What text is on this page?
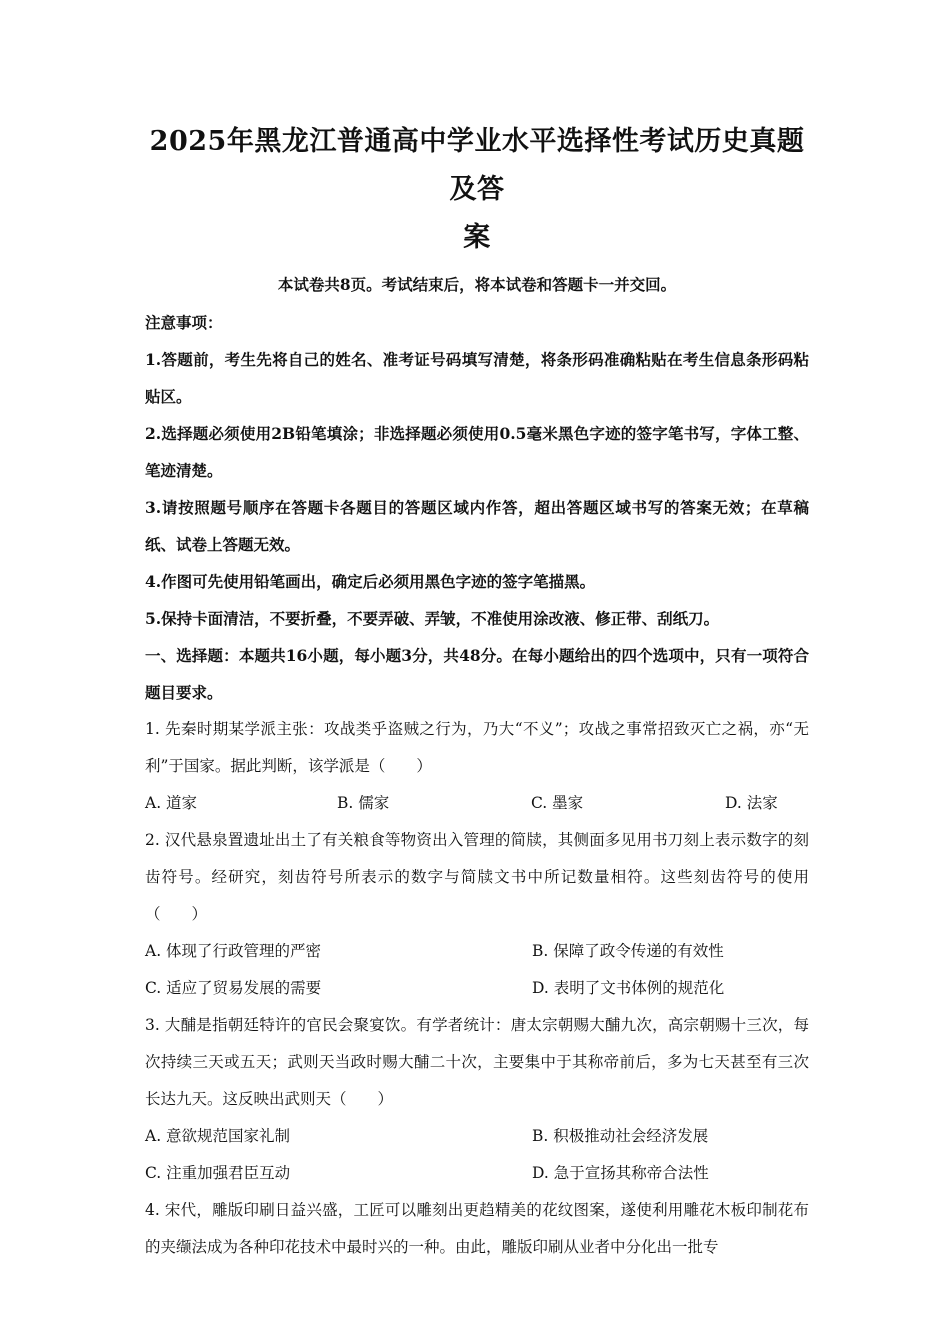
2025年黑龙江普通高中学业水平选择性考试历史真题及答
案
本试卷共8页。考试结束后，将本试卷和答题卡一并交回。

注意事项：

1.答题前，考生先将自己的姓名、准考证号码填写清楚，将条形码准确粘贴在考生信息条形码粘贴区。

2.选择题必须使用2B铅笔填涂；非选择题必须使用0.5毫米黑色字迹的签字笔书写，字体工整、笔迹清楚。

3.请按照题号顺序在答题卡各题目的答题区域内作答，超出答题区域书写的答案无效；在草稿纸、试卷上答题无效。

4.作图可先使用铅笔画出，确定后必须用黑色字迹的签字笔描黑。

5.保持卡面清洁，不要折叠，不要弄破、弄皱，不准使用涂改液、修正带、刮纸刀。

一、选择题：本题共16小题，每小题3分，共48分。在每小题给出的四个选项中，只有一项符合题目要求。

1. 先秦时期某学派主张：攻战类乎盗贼之行为，乃大“不义”；攻战之事常招致灭亡之祸，亦“无利”于国家。据此判断，该学派是（　　）

A. 道家	B. 儒家	C. 墨家	D. 法家

2. 汉代悬泉置遗址出土了有关粮食等物资出入管理的简牍，其侧面多见用书刀刻上表示数字的刻齿符号。经研究，刻齿符号所表示的数字与简牍文书中所记数量相符。这些刻齿符号的使用（　　）

A. 体现了行政管理的严密	B. 保障了政令传递的有效性
C. 适应了贸易发展的需要	D. 表明了文书体例的规范化

3. 大酺是指朝廷特许的官民会聚宴饮。有学者统计：唐太宗朝赐大酺九次，高宗朝赐十三次，每次持续三天或五天；武则天当政时赐大酺二十次，主要集中于其称帝前后，多为七天甚至有三次长达九天。这反映出武则天（　　）

A. 意欲规范国家礼制	B. 积极推动社会经济发展
C. 注重加强君臣互动	D. 急于宣扬其称帝合法性

4. 宋代，雕版印刷日益兴盛，工匠可以雕刻出更趋精美的花纹图案，遂使利用雕花木板印制花布的夹缬法成为各种印花技术中最时兴的一种。由此，雕版印刷从业者中分化出一批专
